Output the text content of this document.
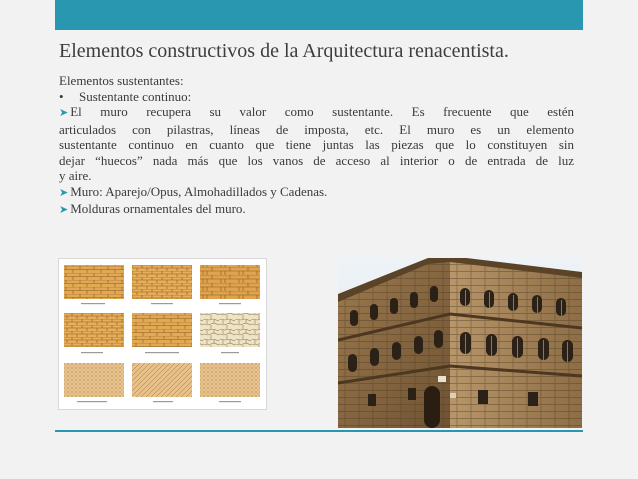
Elementos constructivos de la Arquitectura renacentista.

Elementos sustentantes:

• Sustentante continuo:

➤ El muro recupera su valor como sustentante. Es frecuente que estén
articulados con pilastras, líneas de imposta, etc. El muro es un elemento
sustentante continuo en cuanto que tiene juntas las piezas que lo constituyen sin
dejar “huecos” nada más que los vanos de acceso al interior o de entrada de luz
y aire.

➤ Muro: Aparejo/Opus, Almohadillados y Cadenas.

➤ Molduras ornamentales del muro.
